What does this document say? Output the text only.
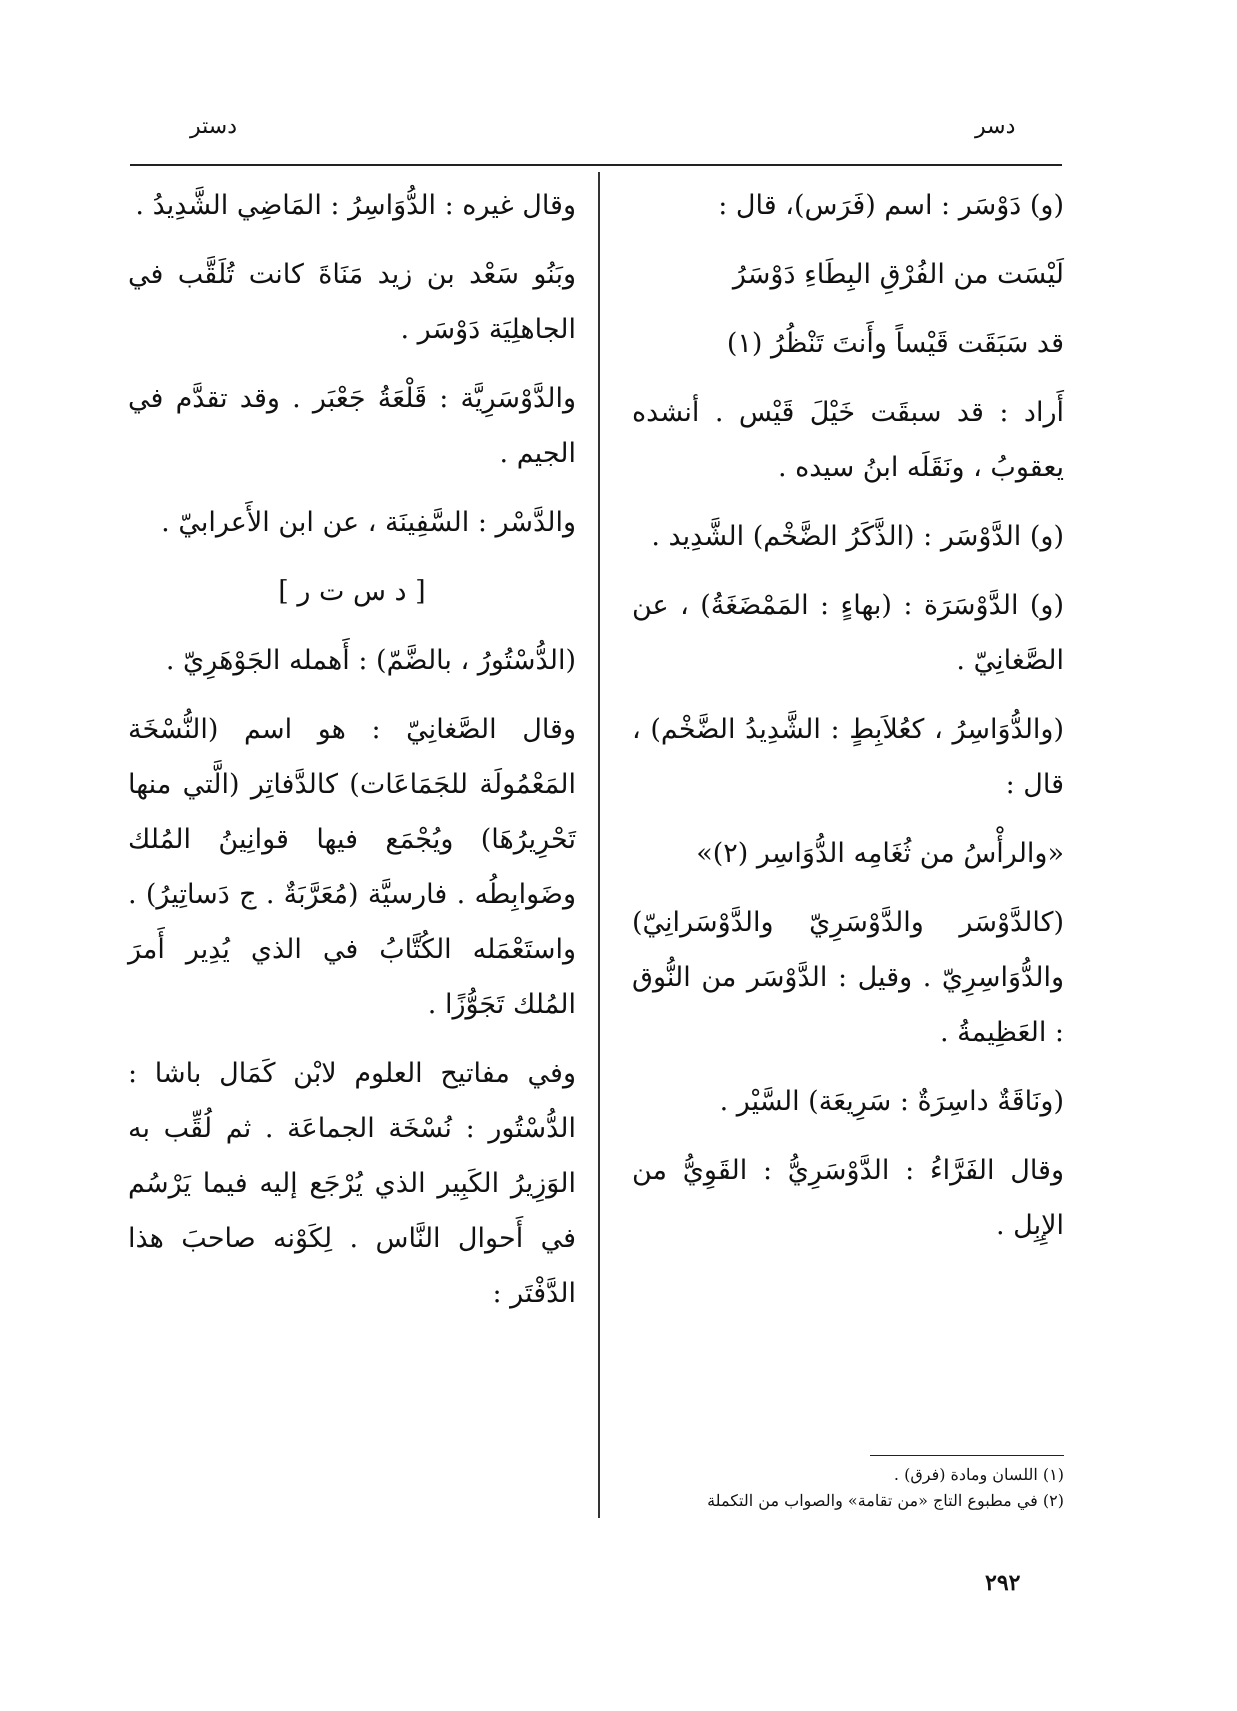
دسر
دستر

(و) دَوْسَر : اسم (فَرَس)، قال :

لَيْسَت من الفُرْقِ البِطَاءِ دَوْسَرُ
قد سَبَقَت قَيْساً وأَنتَ تَنْظُرُ (١)

أَراد : قد سبقَت خَيْلَ قَيْس . أنشده يعقوبُ ، ونَقَلَه ابنُ سيده .

(و) الدَّوْسَر : (الذَّكَرُ الضَّخْم) الشَّدِيد .

(و) الدَّوْسَرَة : (بهاءٍ : المَمْضَغَةُ) ، عن الصَّغانِيّ .

(والدُّوَاسِرُ ، كعُلاَبِطٍ : الشَّدِيدُ الضَّخْم) ، قال :

«والرأْسُ من ثُغَامِه الدُّوَاسِر (٢)»

(كالدَّوْسَر والدَّوْسَرِيّ والدَّوْسَرانِيّ) والدُّوَاسِرِيّ . وقيل : الدَّوْسَر من النُّوق : العَظِيمةُ .

(ونَاقَةٌ داسِرَةٌ : سَرِيعَة) السَّيْر .

وقال الفَرَّاءُ : الدَّوْسَرِيُّ : القَوِيُّ من الإِبِل .

وقال غيره : الدُّوَاسِرُ : المَاضِي الشَّدِيدُ .

وبَنُو سَعْد بن زيد مَنَاةَ كانت تُلَقَّب في الجاهلِيَة دَوْسَر .

والدَّوْسَرِيَّة : قَلْعَةُ جَعْبَر . وقد تقدَّم في الجيم .

والدَّسْر : السَّفِينَة ، عن ابن الأَعرابيّ .

[ د س ت ر ]

(الدُّسْتُورُ ، بالضَّمّ) : أَهمله الجَوْهَرِيّ .

وقال الصَّغانِيّ : هو اسم (النُّسْخَة المَعْمُولَة للجَمَاعَات) كالدَّفاتِر (الَّتي منها تَحْرِيرُهَا) ويُجْمَع فيها قوانِينُ المُلك وضَوابِطُه . فارسيَّة (مُعَرَّبَةٌ . ج دَساتِيرُ) . واستَعْمَله الكُتَّابُ في الذي يُدِير أَمرَ المُلك تَجَوُّزًا .

وفي مفاتيح العلوم لابْن كَمَال باشا : الدُّسْتُور : نُسْخَة الجماعَة . ثم لُقِّب به الوَزِيرُ الكَبِير الذي يُرْجَع إليه فيما يَرْسُم في أَحوال النَّاس . لِكَوْنه صاحبَ هذا الدَّفْتَر :

(١) اللسان ومادة (فرق) .
(٢) في مطبوع التاج «من تقامة» والصواب من التكملة
٢٩٢
